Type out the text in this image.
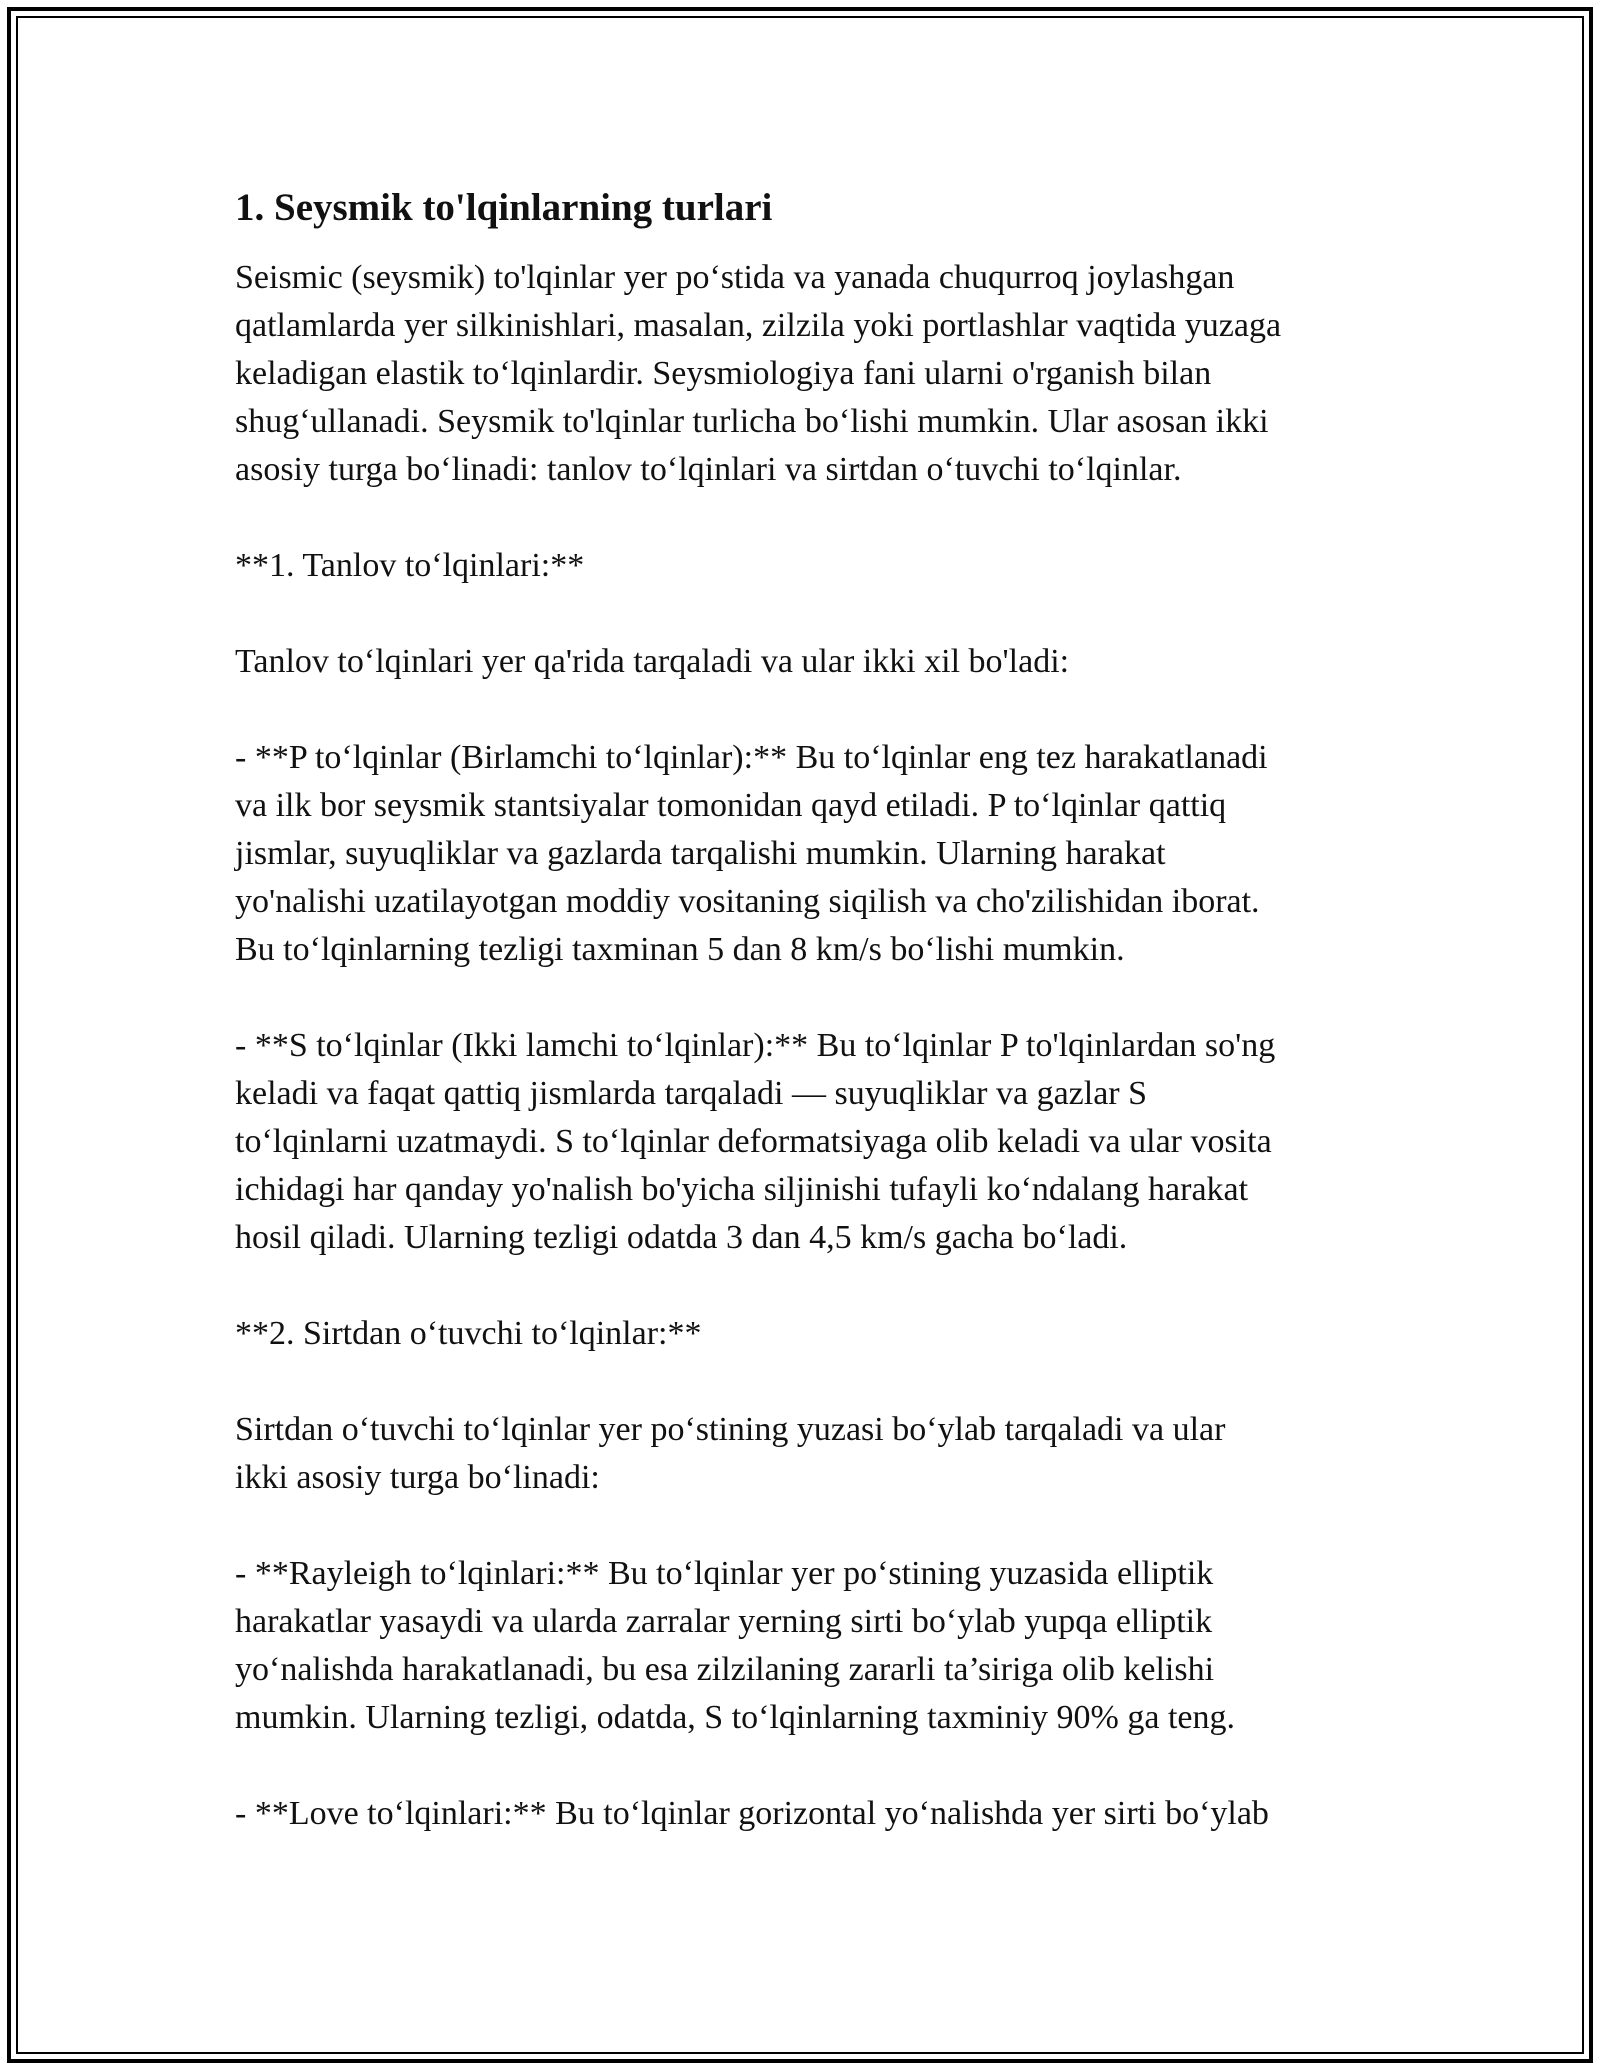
1. Seysmik to'lqinlarning turlari

Seismic (seysmik) to'lqinlar yer po‘stida va yanada chuqurroq joylashgan
qatlamlarda yer silkinishlari, masalan, zilzila yoki portlashlar vaqtida yuzaga
keladigan elastik to‘lqinlardir. Seysmiologiya fani ularni o'rganish bilan
shug‘ullanadi. Seysmik to'lqinlar turlicha bo‘lishi mumkin. Ular asosan ikki
asosiy turga bo‘linadi: tanlov to‘lqinlari va sirtdan o‘tuvchi to‘lqinlar.

**1. Tanlov to‘lqinlari:**

Tanlov to‘lqinlari yer qa'rida tarqaladi va ular ikki xil bo'ladi:

- **P to‘lqinlar (Birlamchi to‘lqinlar):** Bu to‘lqinlar eng tez harakatlanadi
va ilk bor seysmik stantsiyalar tomonidan qayd etiladi. P to‘lqinlar qattiq
jismlar, suyuqliklar va gazlarda tarqalishi mumkin. Ularning harakat
yo'nalishi uzatilayotgan moddiy vositaning siqilish va cho'zilishidan iborat.
Bu to‘lqinlarning tezligi taxminan 5 dan 8 km/s bo‘lishi mumkin.

- **S to‘lqinlar (Ikki lamchi to‘lqinlar):** Bu to‘lqinlar P to'lqinlardan so'ng
keladi va faqat qattiq jismlarda tarqaladi — suyuqliklar va gazlar S
to‘lqinlarni uzatmaydi. S to‘lqinlar deformatsiyaga olib keladi va ular vosita
ichidagi har qanday yo'nalish bo'yicha siljinishi tufayli ko‘ndalang harakat
hosil qiladi. Ularning tezligi odatda 3 dan 4,5 km/s gacha bo‘ladi.

**2. Sirtdan o‘tuvchi to‘lqinlar:**

Sirtdan o‘tuvchi to‘lqinlar yer po‘stining yuzasi bo‘ylab tarqaladi va ular
ikki asosiy turga bo‘linadi:

- **Rayleigh to‘lqinlari:** Bu to‘lqinlar yer po‘stining yuzasida elliptik
harakatlar yasaydi va ularda zarralar yerning sirti bo‘ylab yupqa elliptik
yo‘nalishda harakatlanadi, bu esa zilzilaning zararli ta’siriga olib kelishi
mumkin. Ularning tezligi, odatda, S to‘lqinlarning taxminiy 90% ga teng.

- **Love to‘lqinlari:** Bu to‘lqinlar gorizontal yo‘nalishda yer sirti bo‘ylab
